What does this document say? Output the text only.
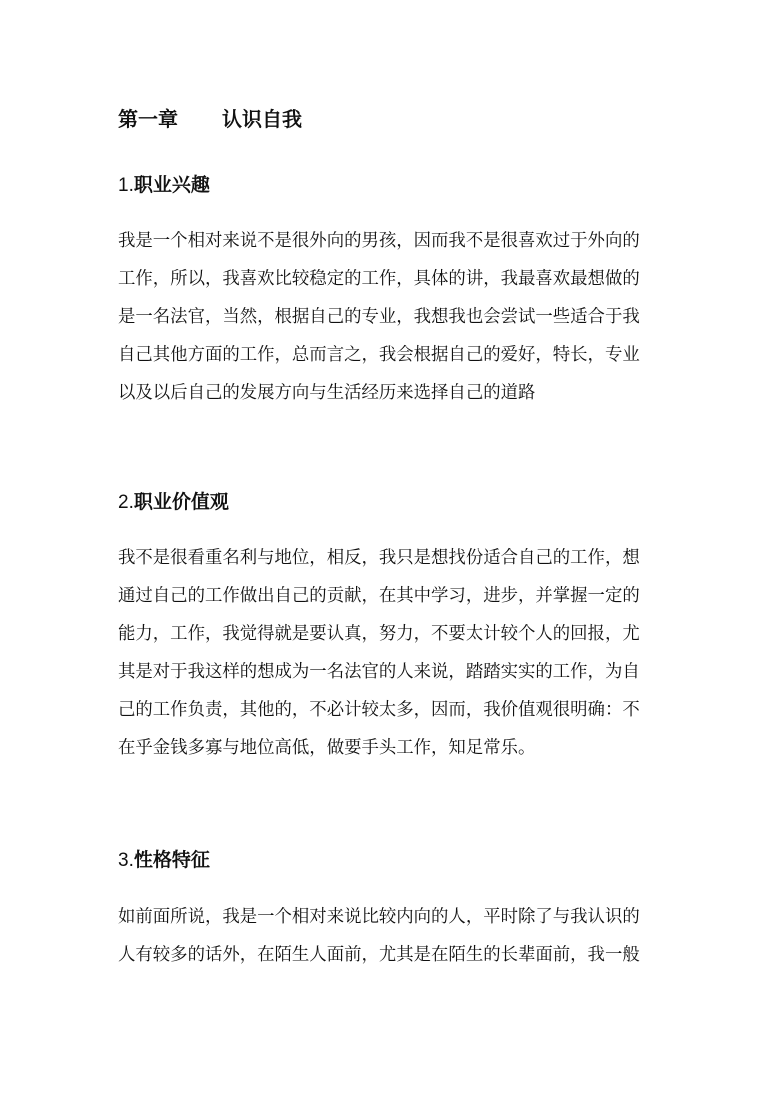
第一章 认识自我
1.职业兴趣
我是一个相对来说不是很外向的男孩，因而我不是很喜欢过于外向的
工作，所以，我喜欢比较稳定的工作，具体的讲，我最喜欢最想做的
是一名法官，当然，根据自己的专业，我想我也会尝试一些适合于我
自己其他方面的工作，总而言之，我会根据自己的爱好，特长，专业
以及以后自己的发展方向与生活经历来选择自己的道路
2.职业价值观
我不是很看重名利与地位，相反，我只是想找份适合自己的工作，想
通过自己的工作做出自己的贡献，在其中学习，进步，并掌握一定的
能力，工作，我觉得就是要认真，努力，不要太计较个人的回报，尤
其是对于我这样的想成为一名法官的人来说，踏踏实实的工作，为自
己的工作负责，其他的，不必计较太多，因而，我价值观很明确：不
在乎金钱多寡与地位高低，做要手头工作，知足常乐。
3.性格特征
如前面所说，我是一个相对来说比较内向的人，平时除了与我认识的
人有较多的话外，在陌生人面前，尤其是在陌生的长辈面前，我一般
